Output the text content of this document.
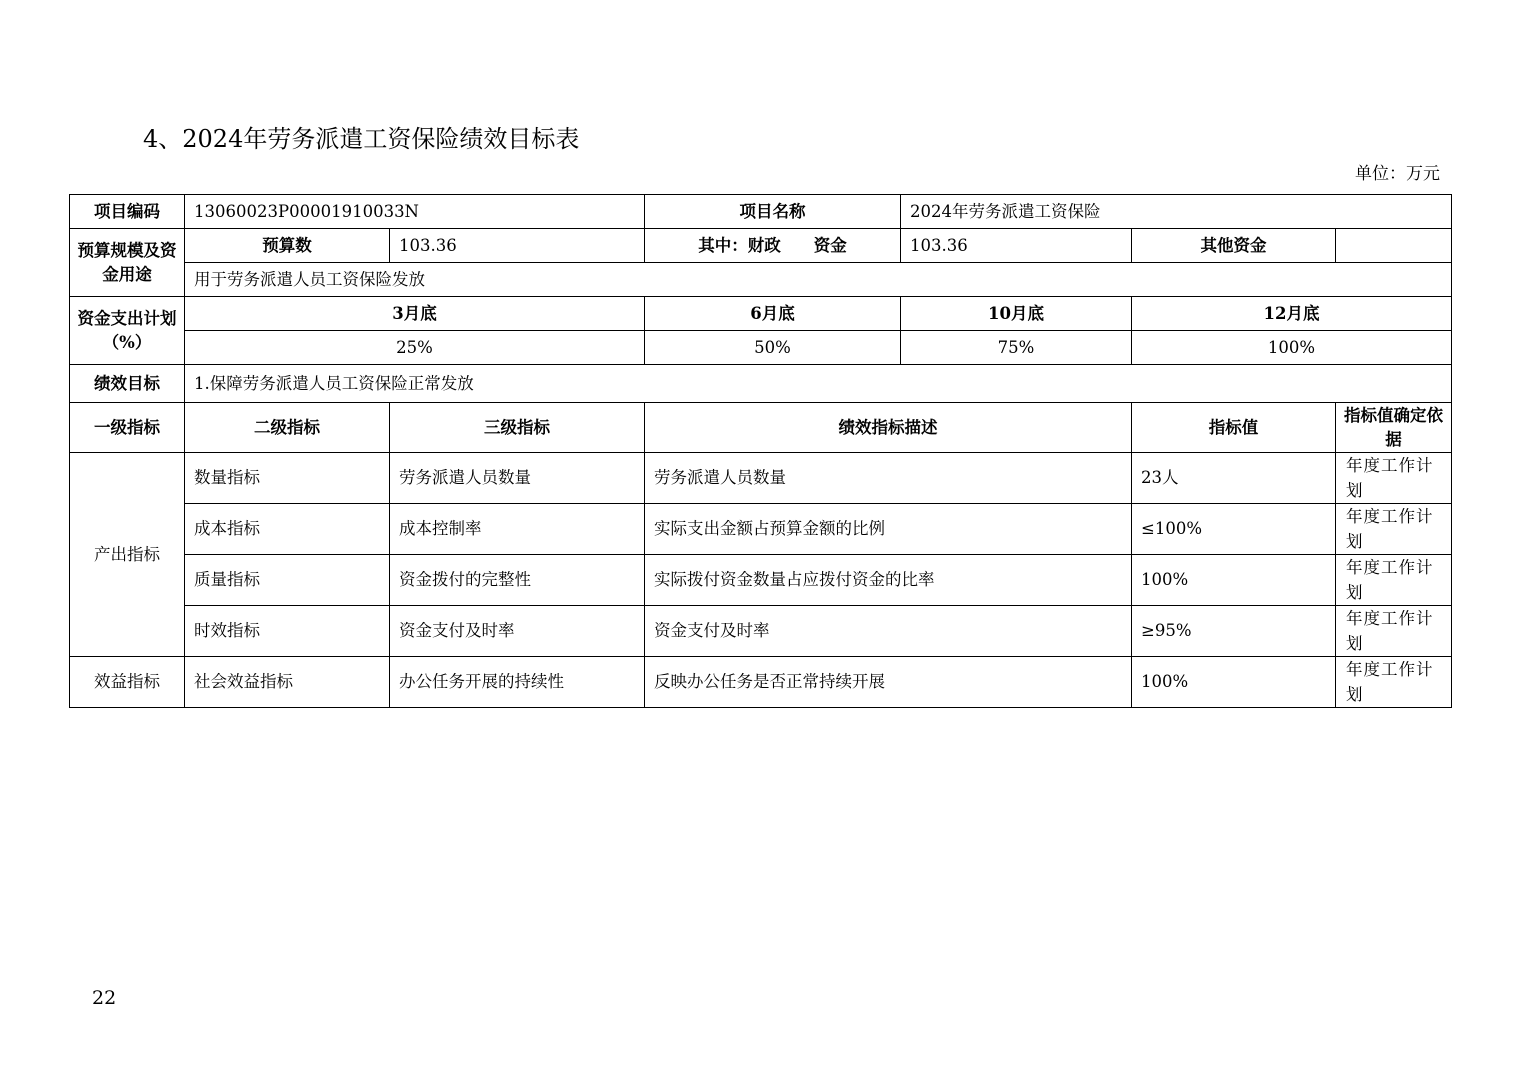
4、2024年劳务派遣工资保险绩效目标表
单位：万元
项目编码	13060023P00001910033N		项目名称	2024年劳务派遣工资保险		
预算规模及资金用途	预算数	103.36	其中：财政　　资金	103.36	其他资金	
	用于劳务派遣人员工资保险发放					
资金支出计划（%）	3月底		6月底	10月底	12月底	
	25%		50%	75%	100%	
绩效目标	1.保障劳务派遣人员工资保险正常发放					
一级指标	二级指标	三级指标	绩效指标描述		指标值	指标值确定依据
产出指标	数量指标	劳务派遣人员数量	劳务派遣人员数量		23人	年度工作计划
	成本指标	成本控制率	实际支出金额占预算金额的比例		≤100%	年度工作计划
	质量指标	资金拨付的完整性	实际拨付资金数量占应拨付资金的比率		100%	年度工作计划
	时效指标	资金支付及时率	资金支付及时率		≥95%	年度工作计划
效益指标	社会效益指标	办公任务开展的持续性	反映办公任务是否正常持续开展		100%	年度工作计划
22
